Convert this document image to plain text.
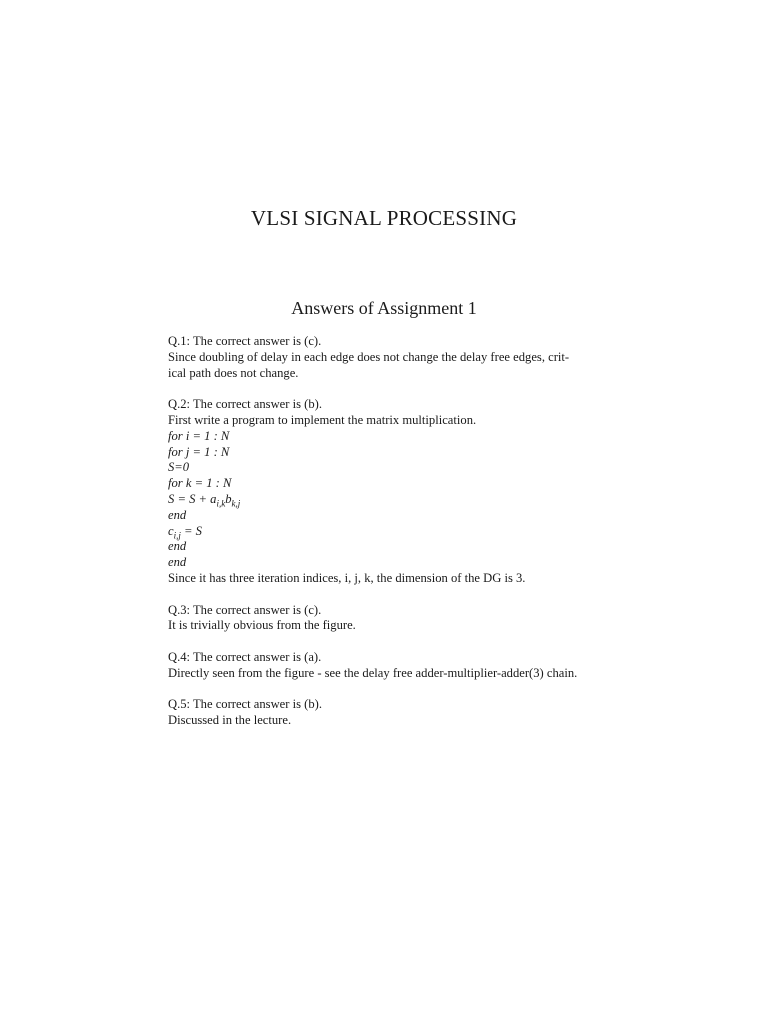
VLSI SIGNAL PROCESSING
Answers of Assignment 1

Q.1: The correct answer is (c).

Since doubling of delay in each edge does not change the delay free edges, crit-

ical path does not change.

Q.2: The correct answer is (b).

First write a program to implement the matrix multiplication.

for i = 1 : N

for j = 1 : N

S=0

for k = 1 : N

$S = S + a_{i,k}b_{k,j}$

end

$c_{i,j} = S$

end

end

Since it has three iteration indices, i, j, k, the dimension of the DG is 3.

Q.3: The correct answer is (c).

It is trivially obvious from the figure.

Q.4: The correct answer is (a).

Directly seen from the figure - see the delay free adder-multiplier-adder(3) chain.

Q.5: The correct answer is (b).

Discussed in the lecture.
